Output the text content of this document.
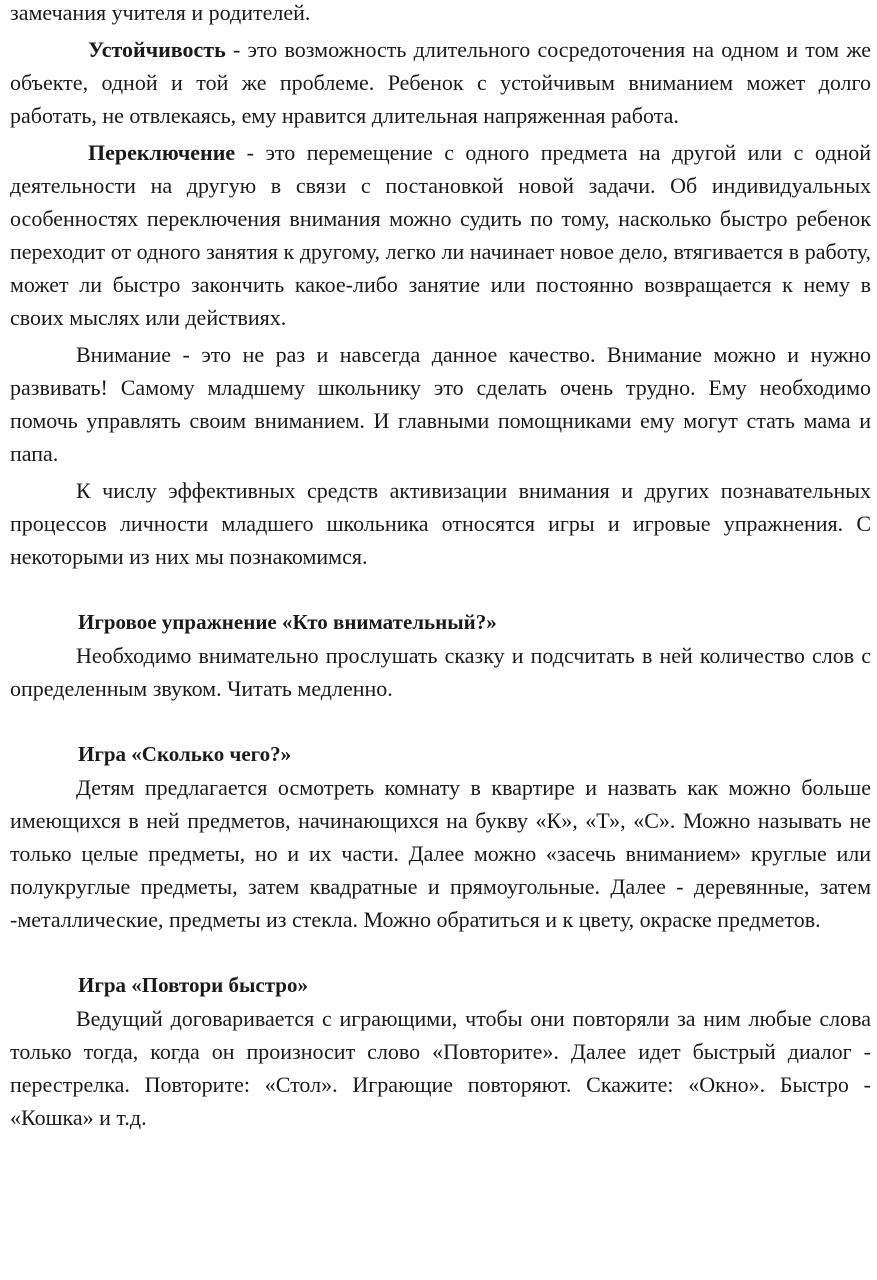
замечания учителя и родителей.

Устойчивость - это возможность длительного сосредоточения на одном и том же объекте, одной и той же проблеме. Ребенок с устойчивым вниманием может долго работать, не отвлекаясь, ему нравится длительная напряженная работа.

Переключение - это перемещение с одного предмета на другой или с одной деятельности на другую в связи с постановкой новой задачи. Об индивидуальных особенностях переключения внимания можно судить по тому, насколько быстро ребенок переходит от одного занятия к другому, легко ли начинает новое дело, втягивается в работу, может ли быстро закончить какое-либо занятие или постоянно возвращается к нему в своих мыслях или действиях.

Внимание - это не раз и навсегда данное качество. Внимание можно и нужно развивать! Самому младшему школьнику это сделать очень трудно. Ему необходимо помочь управлять своим вниманием. И главными помощниками ему могут стать мама и папа.

К числу эффективных средств активизации внимания и других познавательных процессов личности младшего школьника относятся игры и игровые упражнения. С некоторыми из них мы познакомимся.

Игровое упражнение «Кто внимательный?»

Необходимо внимательно прослушать сказку и подсчитать в ней количество слов с определенным звуком. Читать медленно.

Игра «Сколько чего?»

Детям предлагается осмотреть комнату в квартире и назвать как можно больше имеющихся в ней предметов, начинающихся на букву «К», «Т», «С». Можно называть не только целые предметы, но и их части. Далее можно «засечь вниманием» круглые или полукруглые предметы, затем квадратные и прямоугольные. Далее - деревянные, затем -металлические, предметы из стекла. Можно обратиться и к цвету, окраске предметов.

Игра «Повтори быстро»

Ведущий договаривается с играющими, чтобы они повторяли за ним любые слова только тогда, когда он произносит слово «Повторите». Далее идет быстрый диалог - перестрелка. Повторите: «Стол». Играющие повторяют. Скажите: «Окно». Быстро - «Кошка» и т.д.
